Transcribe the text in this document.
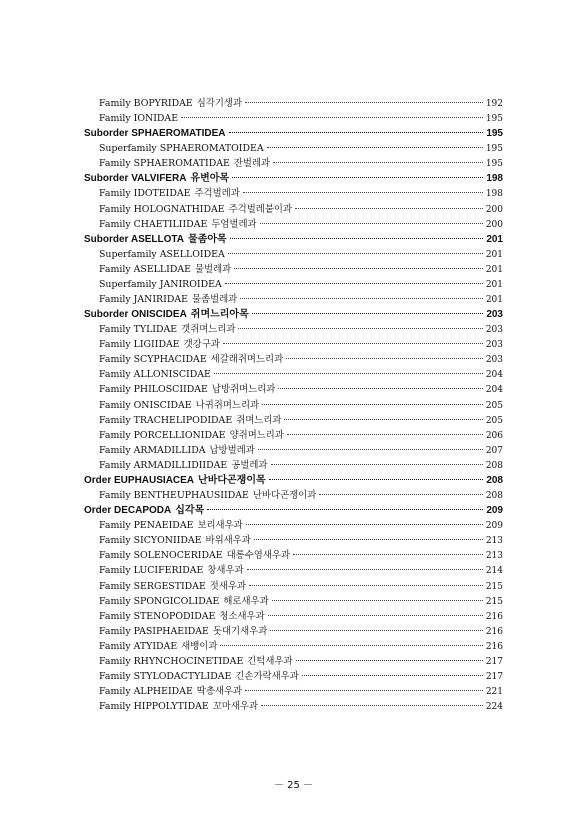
Family BOPYRIDAE 심각기생과	192
Family IONIDAE	195
Suborder SPHAEROMATIDEA	195
Superfamily SPHAEROMATOIDEA	195
Family SPHAEROMATIDAE 잔벌레과	195
Suborder VALVIFERA 유변아목	198
Family IDOTEIDAE 주걱벌레과	198
Family HOLOGNATHIDAE 주걱벌레붙이과	200
Family CHAETILIIDAE 두엄벌레과	200
Suborder ASELLOTA 물좀아목	201
Superfamily ASELLOIDEA	201
Family ASELLIDAE 물벌레과	201
Superfamily JANIROIDEA	201
Family JANIRIDAE 물좀벌레과	201
Suborder ONISCIDEA 쥐며느리아목	203
Family TYLIDAE 갯쥐며느리과	203
Family LIGIIDAE 갯강구과	203
Family SCYPHACIDAE 세갈래쥐며느리과	203
Family ALLONISCIDAE	204
Family PHILOSCIIDAE 납방쥐며느리과	204
Family ONISCIDAE 나귀쥐며느리과	205
Family TRACHELIPODIDAE 쥐며느리과	205
Family PORCELLIONIDAE 양쥐며느리과	206
Family ARMADILLIDA 납방벌레과	207
Family ARMADILLIDIIDAE 공벌레과	208
Order EUPHAUSIACEA 난바다곤쟁이목	208
Family BENTHEUPHAUSIIDAE 난바다곤쟁이과	208
Order DECAPODA 십각목	209
Family PENAEIDAE 보리새우과	209
Family SICYONIIDAE 바위새우과	213
Family SOLENOCERIDAE 대롱수염새우과	213
Family LUCIFERIDAE 창새우과	214
Family SERGESTIDAE 젓새우과	215
Family SPONGICOLIDAE 해로새우과	215
Family STENOPODIDAE 청소새우과	216
Family PASIPHAEIDAE 돗대기새우과	216
Family ATYIDAE 새뱅이과	216
Family RHYNCHOCINETIDAE 긴턱새우과	217
Family STYLODACTYLIDAE 긴손가락새우과	217
Family ALPHEIDAE 딱총새우과	221
Family HIPPOLYTIDAE 꼬마새우과	224
－ 25 －
